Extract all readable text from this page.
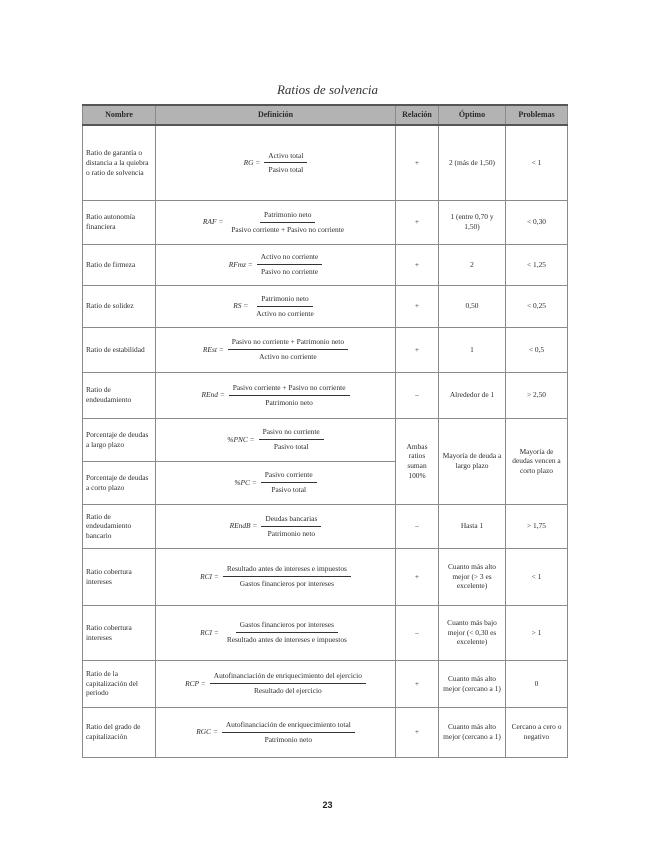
Ratios de solvencia
Nombre	Definición	Relación	Óptimo	Problemas
Ratio de garantía o distancia a la quiebra o ratio de solvencia	RG = $\frac{\text{Activo total}}{\text{Pasivo total}}$	+	2 (más de 1,50)	< 1
Ratio autonomía financiera	RAF = $\frac{\text{Patrimonio neto}}{\text{Pasivo corriente + Pasivo no corriente}}$	+	1 (entre 0,70 y 1,50)	< 0,30
Ratio de firmeza	RFmz = $\frac{\text{Activo no corriente}}{\text{Pasivo no corriente}}$	+	2	< 1,25
Ratio de solidez	RS = $\frac{\text{Patrimonio neto}}{\text{Activo no corriente}}$	+	0,50	< 0,25
Ratio de estabilidad	REst = $\frac{\text{Pasivo no corriente + Patrimonio neto}}{\text{Activo no corriente}}$	+	1	< 0,5
Ratio de endeudamiento	REnd = $\frac{\text{Pasivo corriente + Pasivo no corriente}}{\text{Patrimonio neto}}$	–	Alrededor de 1	> 2,50
Porcentaje de deudas a largo plazo	$\%PNC = \frac{\text{Pasivo no corriente}}{\text{Pasivo total}}$	Ambas ratios suman 100%	Mayoría de deuda a largo plazo	Mayoría de deudas vencen a corto plazo
Porcentaje de deudas a corto plazo	$\%PC = \frac{\text{Pasivo corriente}}{\text{Pasivo total}}$

Ratio de endeudamiento bancario	REndB = $\frac{\text{Deudas bancarias}}{\text{Patrimonio neto}}$	–	Hasta 1	> 1,75
Ratio cobertura intereses	RCI = $\frac{\text{Resultado antes de intereses e impuestos}}{\text{Gastos financieros por intereses}}$	+	Cuanto más alto mejor (> 3 es excelente)	< 1
Ratio cobertura intereses	RCI = $\frac{\text{Gastos financieros por intereses}}{\text{Resultado antes de intereses e impuestos}}$	–	Cuanto más bajo mejor (< 0,30 es excelente)	> 1
Ratio de la capitalización del periodo	RCP = $\frac{\text{Autofinanciación de enriquecimiento del ejercicio}}{\text{Resultado del ejercicio}}$	+	Cuanto más alto mejor (cercano a 1)	0
Ratio del grado de capitalización	RGC = $\frac{\text{Autofinanciación de enriquecimiento total}}{\text{Patrimonio neto}}$	+	Cuanto más alto mejor (cercano a 1)	Cercano a cero o negativo
23
